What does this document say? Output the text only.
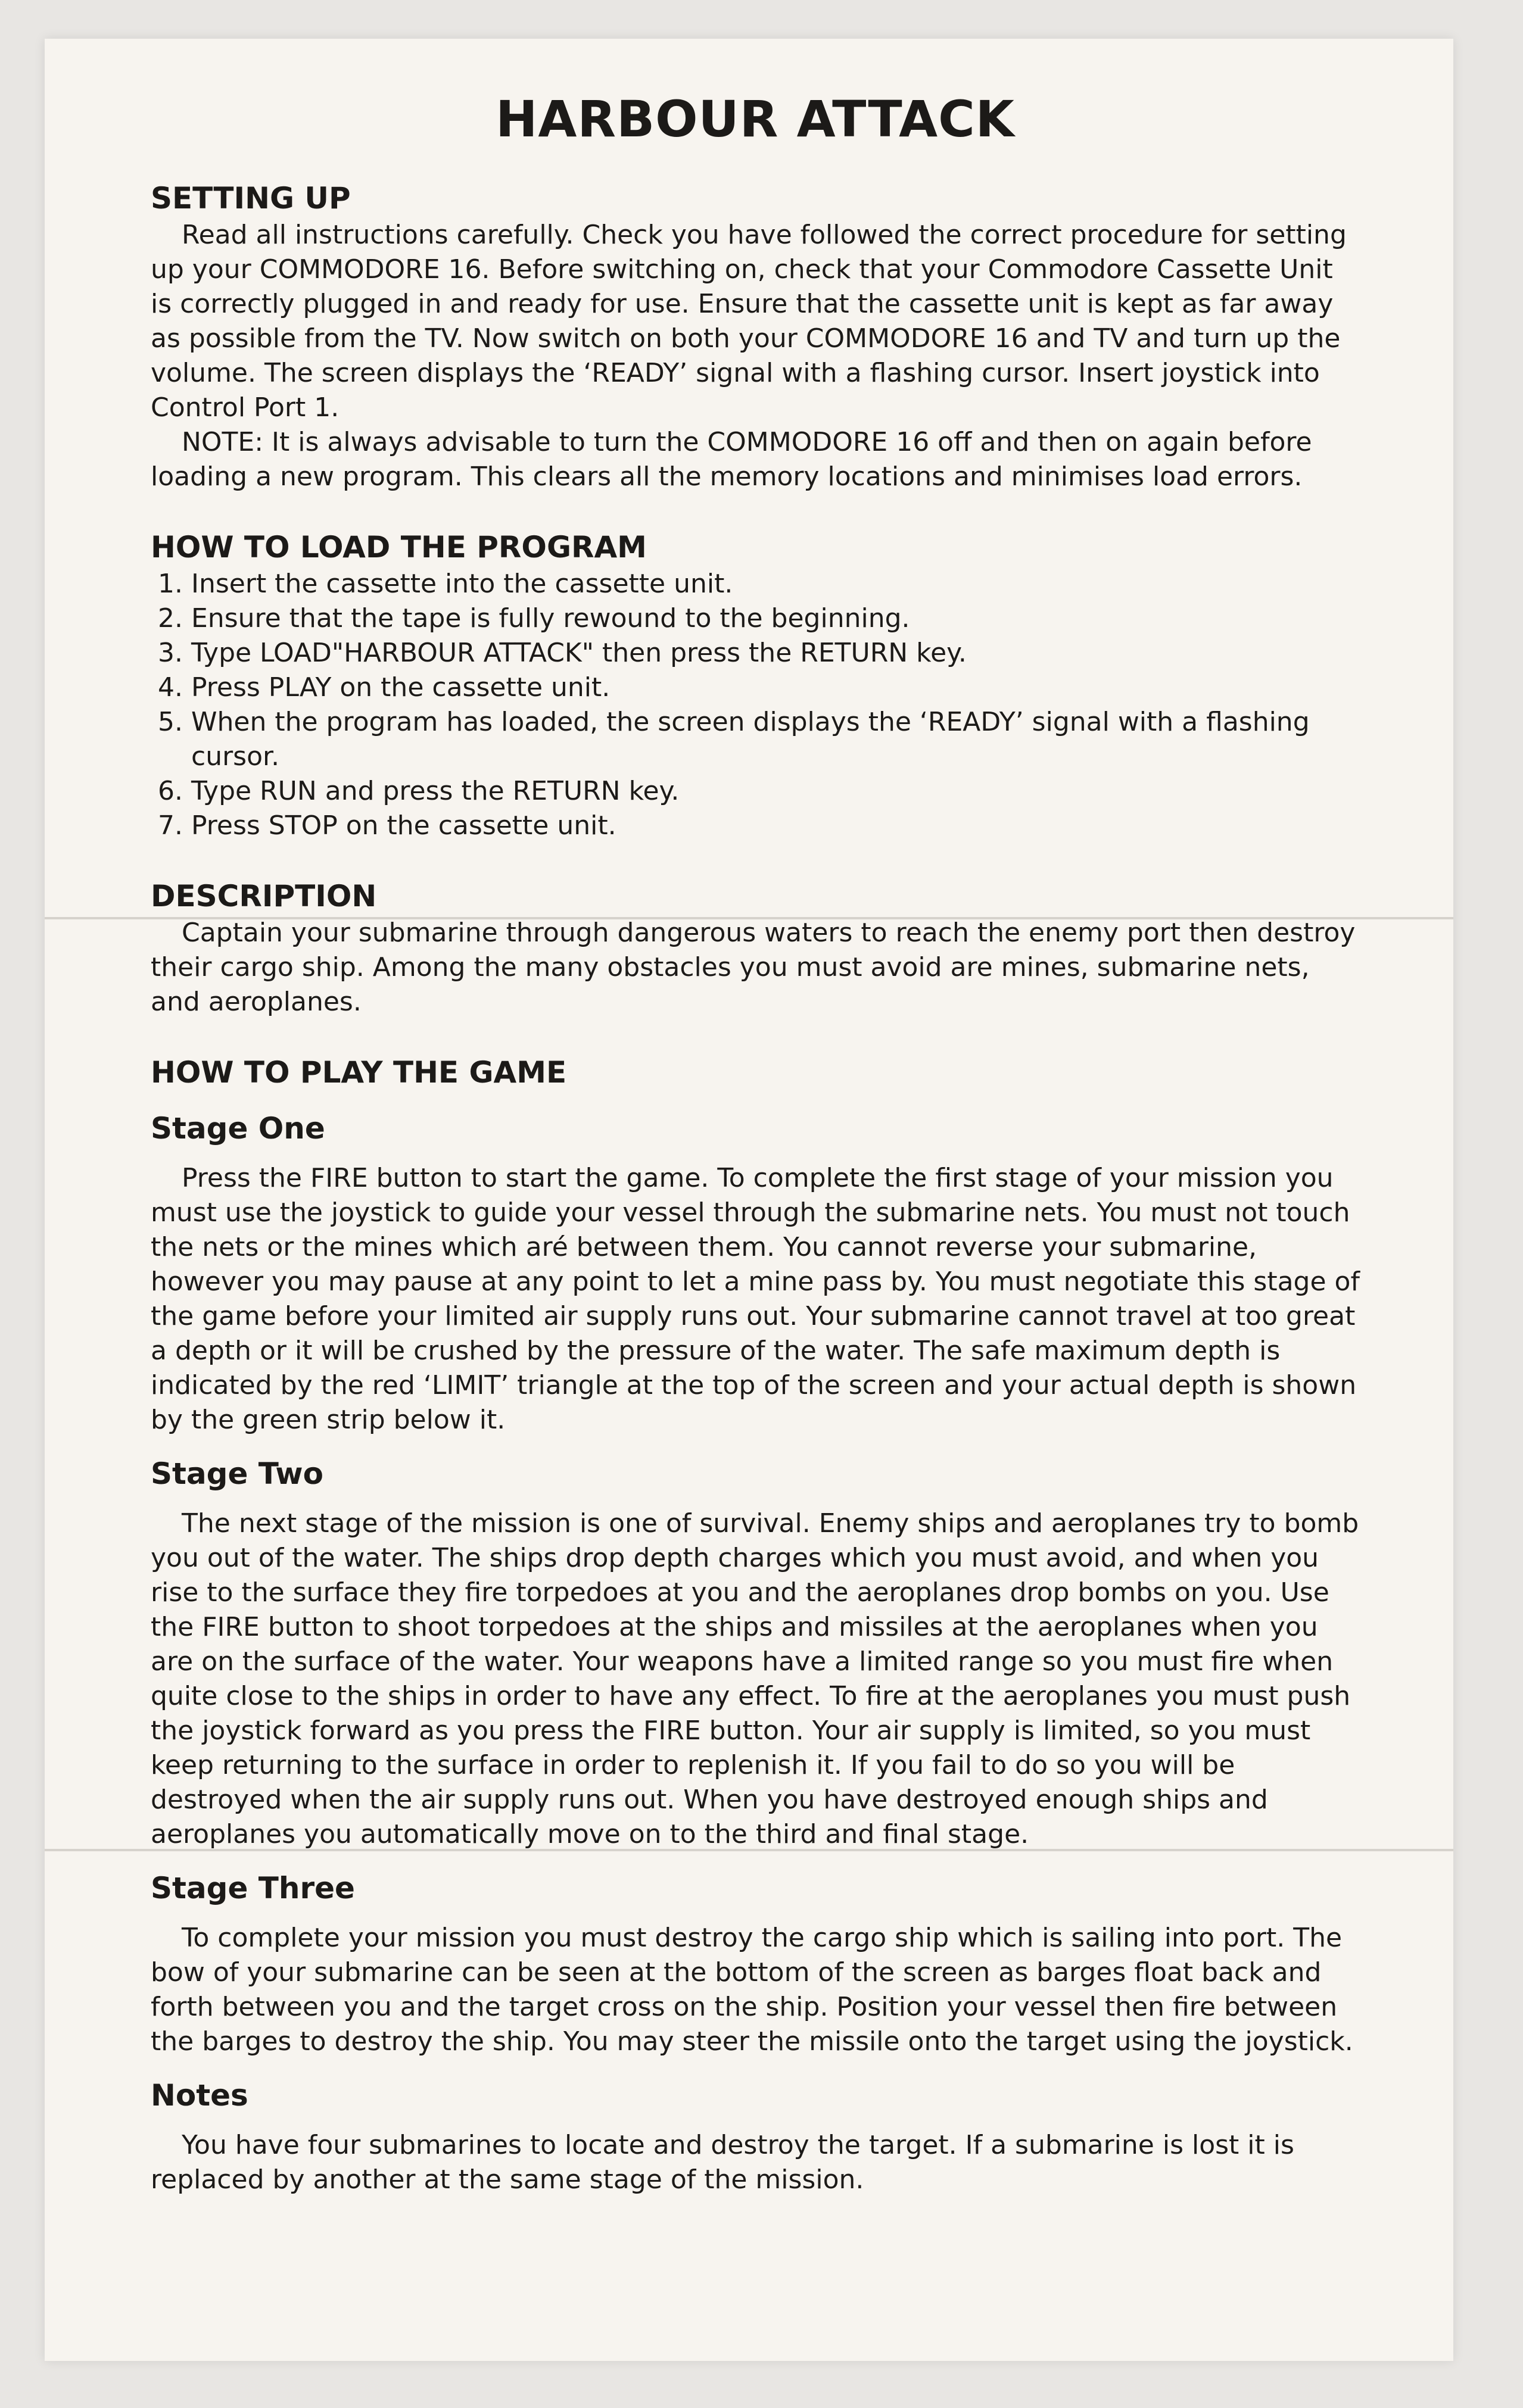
HARBOUR ATTACK
SETTING UP

Read all instructions carefully. Check you have followed the correct procedure for setting up your COMMODORE 16. Before switching on, check that your Commodore Cassette Unit is correctly plugged in and ready for use. Ensure that the cassette unit is kept as far away as possible from the TV. Now switch on both your COMMODORE 16 and TV and turn up the volume. The screen displays the ‘READY’ signal with a flashing cursor. Insert joystick into Control Port 1.

NOTE: It is always advisable to turn the COMMODORE 16 off and then on again before loading a new program. This clears all the memory locations and minimises load errors.

HOW TO LOAD THE PROGRAM
1. Insert the cassette into the cassette unit.
2. Ensure that the tape is fully rewound to the beginning.
3. Type LOAD"HARBOUR ATTACK" then press the RETURN key.
4. Press PLAY on the cassette unit.
5. When the program has loaded, the screen displays the ‘READY’ signal with a flashing cursor.
6. Type RUN and press the RETURN key.
7. Press STOP on the cassette unit.
DESCRIPTION

Captain your submarine through dangerous waters to reach the enemy port then destroy their cargo ship. Among the many obstacles you must avoid are mines, submarine nets, and aeroplanes.

HOW TO PLAY THE GAME
Stage One

Press the FIRE button to start the game. To complete the first stage of your mission you must use the joystick to guide your vessel through the submarine nets. You must not touch the nets or the mines which aré between them. You cannot reverse your submarine, however you may pause at any point to let a mine pass by. You must negotiate this stage of the game before your limited air supply runs out. Your submarine cannot travel at too great a depth or it will be crushed by the pressure of the water. The safe maximum depth is indicated by the red ‘LIMIT’ triangle at the top of the screen and your actual depth is shown by the green strip below it.

Stage Two

The next stage of the mission is one of survival. Enemy ships and aeroplanes try to bomb you out of the water. The ships drop depth charges which you must avoid, and when you rise to the surface they fire torpedoes at you and the aeroplanes drop bombs on you. Use the FIRE button to shoot torpedoes at the ships and missiles at the aeroplanes when you are on the surface of the water. Your weapons have a limited range so you must fire when quite close to the ships in order to have any effect. To fire at the aeroplanes you must push the joystick forward as you press the FIRE button. Your air supply is limited, so you must keep returning to the surface in order to replenish it. If you fail to do so you will be destroyed when the air supply runs out. When you have destroyed enough ships and aeroplanes you automatically move on to the third and final stage.

Stage Three

To complete your mission you must destroy the cargo ship which is sailing into port. The bow of your submarine can be seen at the bottom of the screen as barges float back and forth between you and the target cross on the ship. Position your vessel then fire between the barges to destroy the ship. You may steer the missile onto the target using the joystick.

Notes

You have four submarines to locate and destroy the target. If a submarine is lost it is replaced by another at the same stage of the mission.
